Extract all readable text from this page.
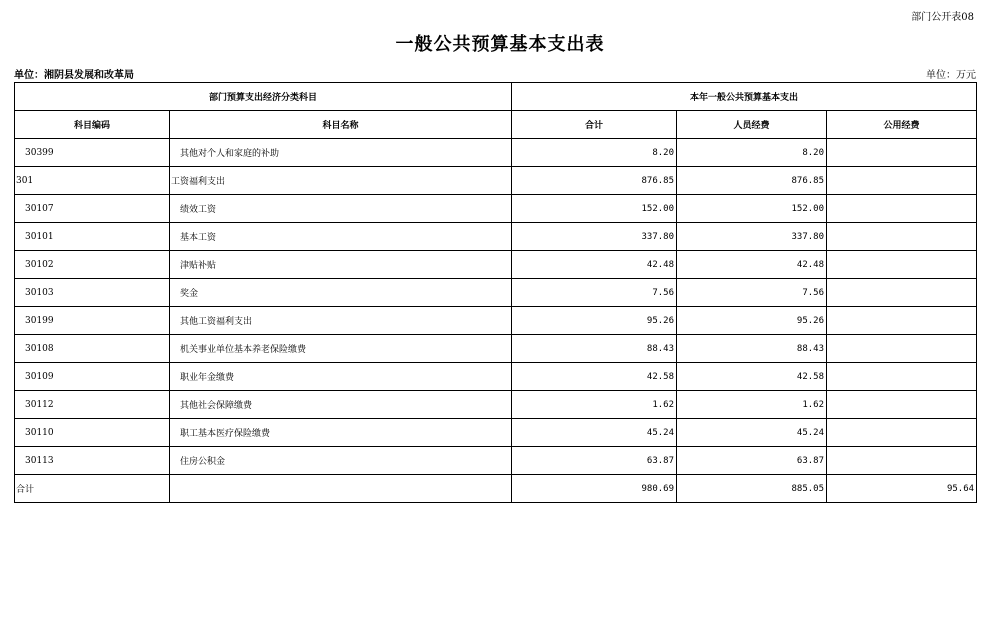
部门公开表08
一般公共预算基本支出表
单位：湘阴县发展和改革局	单位：万元
部门预算支出经济分类科目		本年一般公共预算基本支出		
科目编码	科目名称	合计	人员经费	公用经费
30399	其他对个人和家庭的补助	8.20	8.20	
301	工资福利支出	876.85	876.85	
30107	绩效工资	152.00	152.00	
30101	基本工资	337.80	337.80	
30102	津贴补贴	42.48	42.48	
30103	奖金	7.56	7.56	
30199	其他工资福利支出	95.26	95.26	
30108	机关事业单位基本养老保险缴费	88.43	88.43	
30109	职业年金缴费	42.58	42.58	
30112	其他社会保障缴费	1.62	1.62	
30110	职工基本医疗保险缴费	45.24	45.24	
30113	住房公积金	63.87	63.87	
合计		980.69	885.05	95.64
